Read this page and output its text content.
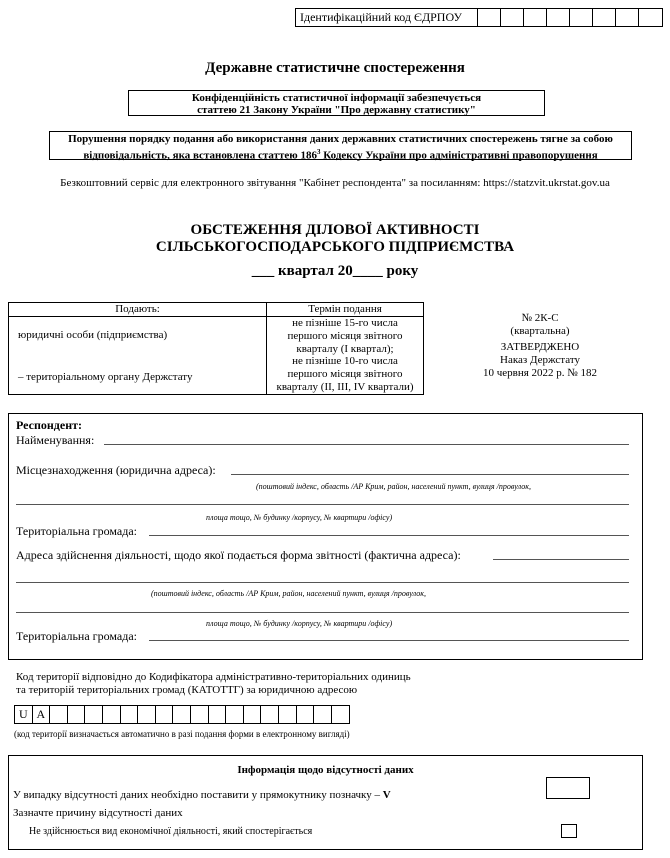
Ідентифікаційний код ЄДРПОУ
Державне статистичне спостереження
Конфіденційність статистичної інформації забезпечується
статтею 21 Закону України "Про державну статистику"
Порушення порядку подання або використання даних державних статистичних спостережень тягне за собою
відповідальність, яка встановлена статтею $186^3$ Кодексу України про адміністративні правопорушення
Безкоштовний сервіс для електронного звітування "Кабінет респондента" за посиланням: https://statzvit.ukrstat.gov.ua
ОБСТЕЖЕННЯ ДІЛОВОЇ АКТИВНОСТІ
СІЛЬСЬКОГОСПОДАРСЬКОГО ПІДПРИЄМСТВА
___ квартал 20____ року
Подають:	Термін подання
юридичні особи (підприємства)
– територіальному органу Держстату
не пізніше 15-го числа
першого місяця звітного
кварталу (I квартал);
не пізніше 10-го числа
першого місяця звітного
кварталу (II, III, IV квартали)
№ 2К-С
(квартальна)
ЗАТВЕРДЖЕНО
Наказ Держстату
10 червня 2022 р. № 182
Респондент:
Найменування:
Місцезнаходження (юридична адреса):
(поштовий індекс, область /АР Крим, район, населений пункт, вулиця /провулок,
площа тощо, № будинку /корпусу, № квартири /офісу)
Територіальна громада:
Адреса здійснення діяльності, щодо якої подається форма звітності (фактична адреса):
(поштовий індекс, область /АР Крим, район, населений пункт, вулиця /провулок,
площа тощо, № будинку /корпусу, № квартири /офісу)
Територіальна громада:
Код території відповідно до Кодифікатора адміністративно-територіальних одиниць
та територій територіальних громад (КАТОТТГ) за юридичною адресою
U A
(код території визначається автоматично в разі подання форми в електронному вигляді)
Інформація щодо відсутності даних
У випадку відсутності даних необхідно поставити у прямокутнику позначку – V
Зазначте причину відсутності даних
Не здійснюється вид економічної діяльності, який спостерігається
